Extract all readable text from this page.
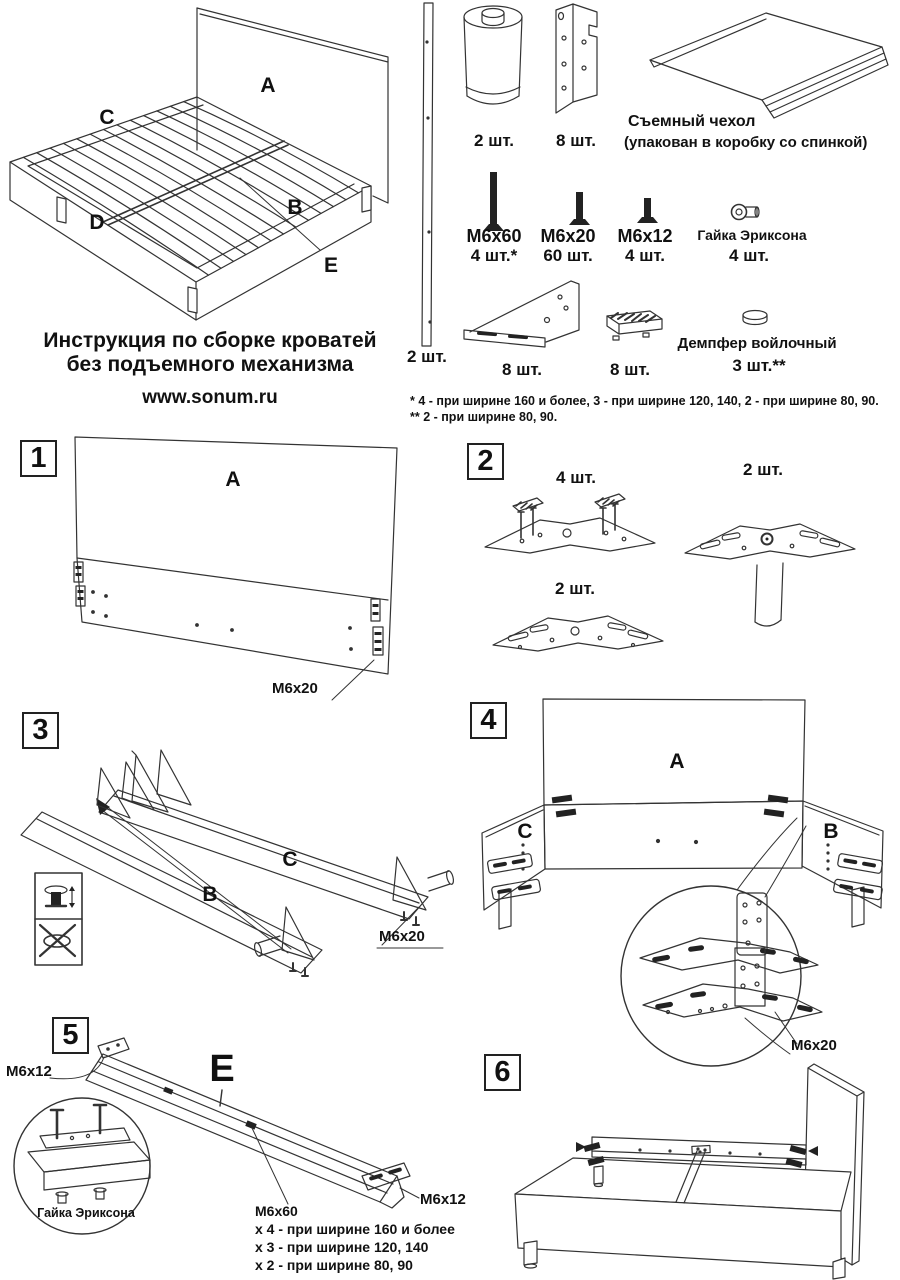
A
C
D
B
E
Инструкция по сборке кроватей
без подъемного механизма
www.sonum.ru
2 шт.
2 шт. 8 шт.
Съемный чехол
(упакован в коробку со спинкой)
M6x60
4 шт.*
M6x20
60 шт.
M6x12
4 шт.
Гайка Эриксона
4 шт.
8 шт.	8 шт.
Демпфер войлочный
3 шт.**
* 4 - при ширине 160 и более, 3 - при ширине 120, 140, 2 - при ширине 80, 90.
** 2 - при ширине 80, 90.
1	2
3	4
5
6
A
M6x20
4 шт.	2 шт.
2 шт.
C
B
M6x20
A
C	B
M6x20
M6x12	E
Гайка Эриксона	M6x60
x 4 - при ширине 160 и более
x 3 - при ширине 120, 140
x 2 - при ширине 80, 90
M6x12
